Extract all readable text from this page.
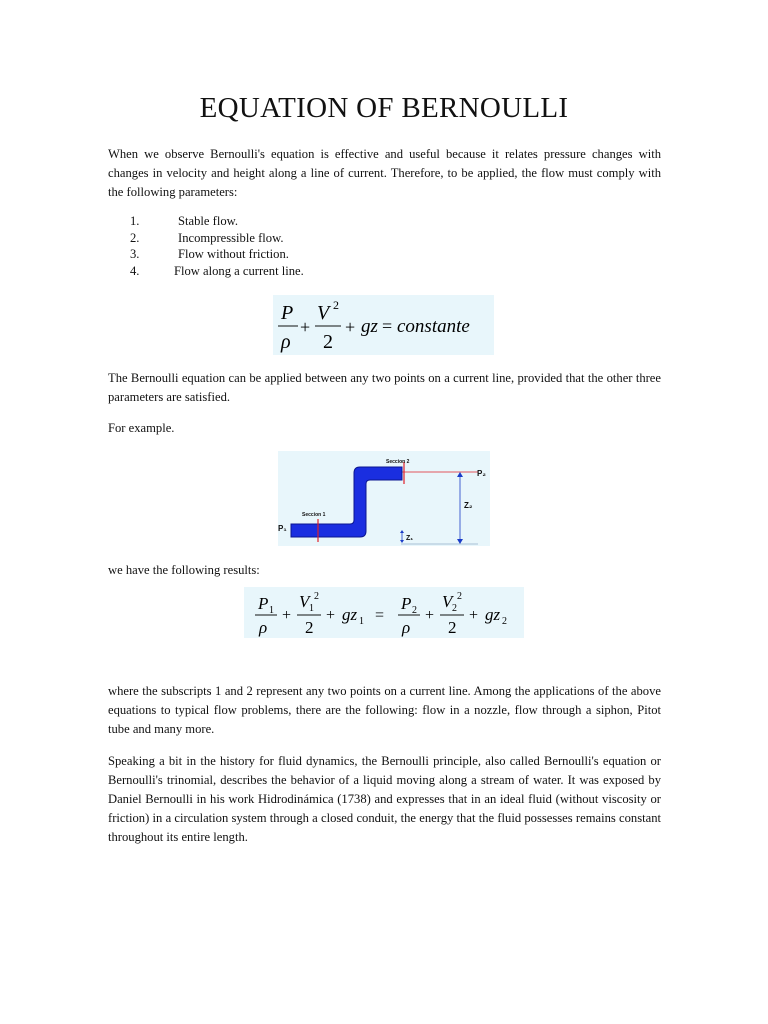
EQUATION OF BERNOULLI

When we observe Bernoulli's equation is effective and useful because it relates pressure changes with changes in velocity and height along a line of current. Therefore, to be applied, the flow must comply with the following parameters:

1.	Stable flow.
2.	Incompressible flow.
3.	Flow without friction.
4.	Flow along a current line.
P
ρ
+
V 2
2
+ gz = constante

The Bernoulli equation can be applied between any two points on a current line, provided that the other three parameters are satisfied.

For example.

Seccion 1
Seccion 2
P₁
P₂
Z₂
Z₁

we have the following results:

P 1
ρ
+
V 1
2
2
+ gz 1 =
P 2
ρ
+
V 2
2
2
+ gz 2

where the subscripts 1 and 2 represent any two points on a current line. Among the applications of the above equations to typical flow problems, there are the following: flow in a nozzle, flow through a siphon, Pitot tube and many more.

Speaking a bit in the history for fluid dynamics, the Bernoulli principle, also called Bernoulli's equation or Bernoulli's trinomial, describes the behavior of a liquid moving along a stream of water. It was exposed by Daniel Bernoulli in his work Hidrodinámica (1738) and expresses that in an ideal fluid (without viscosity or friction) in a circulation system through a closed conduit, the energy that the fluid possesses remains constant throughout its entire length.
